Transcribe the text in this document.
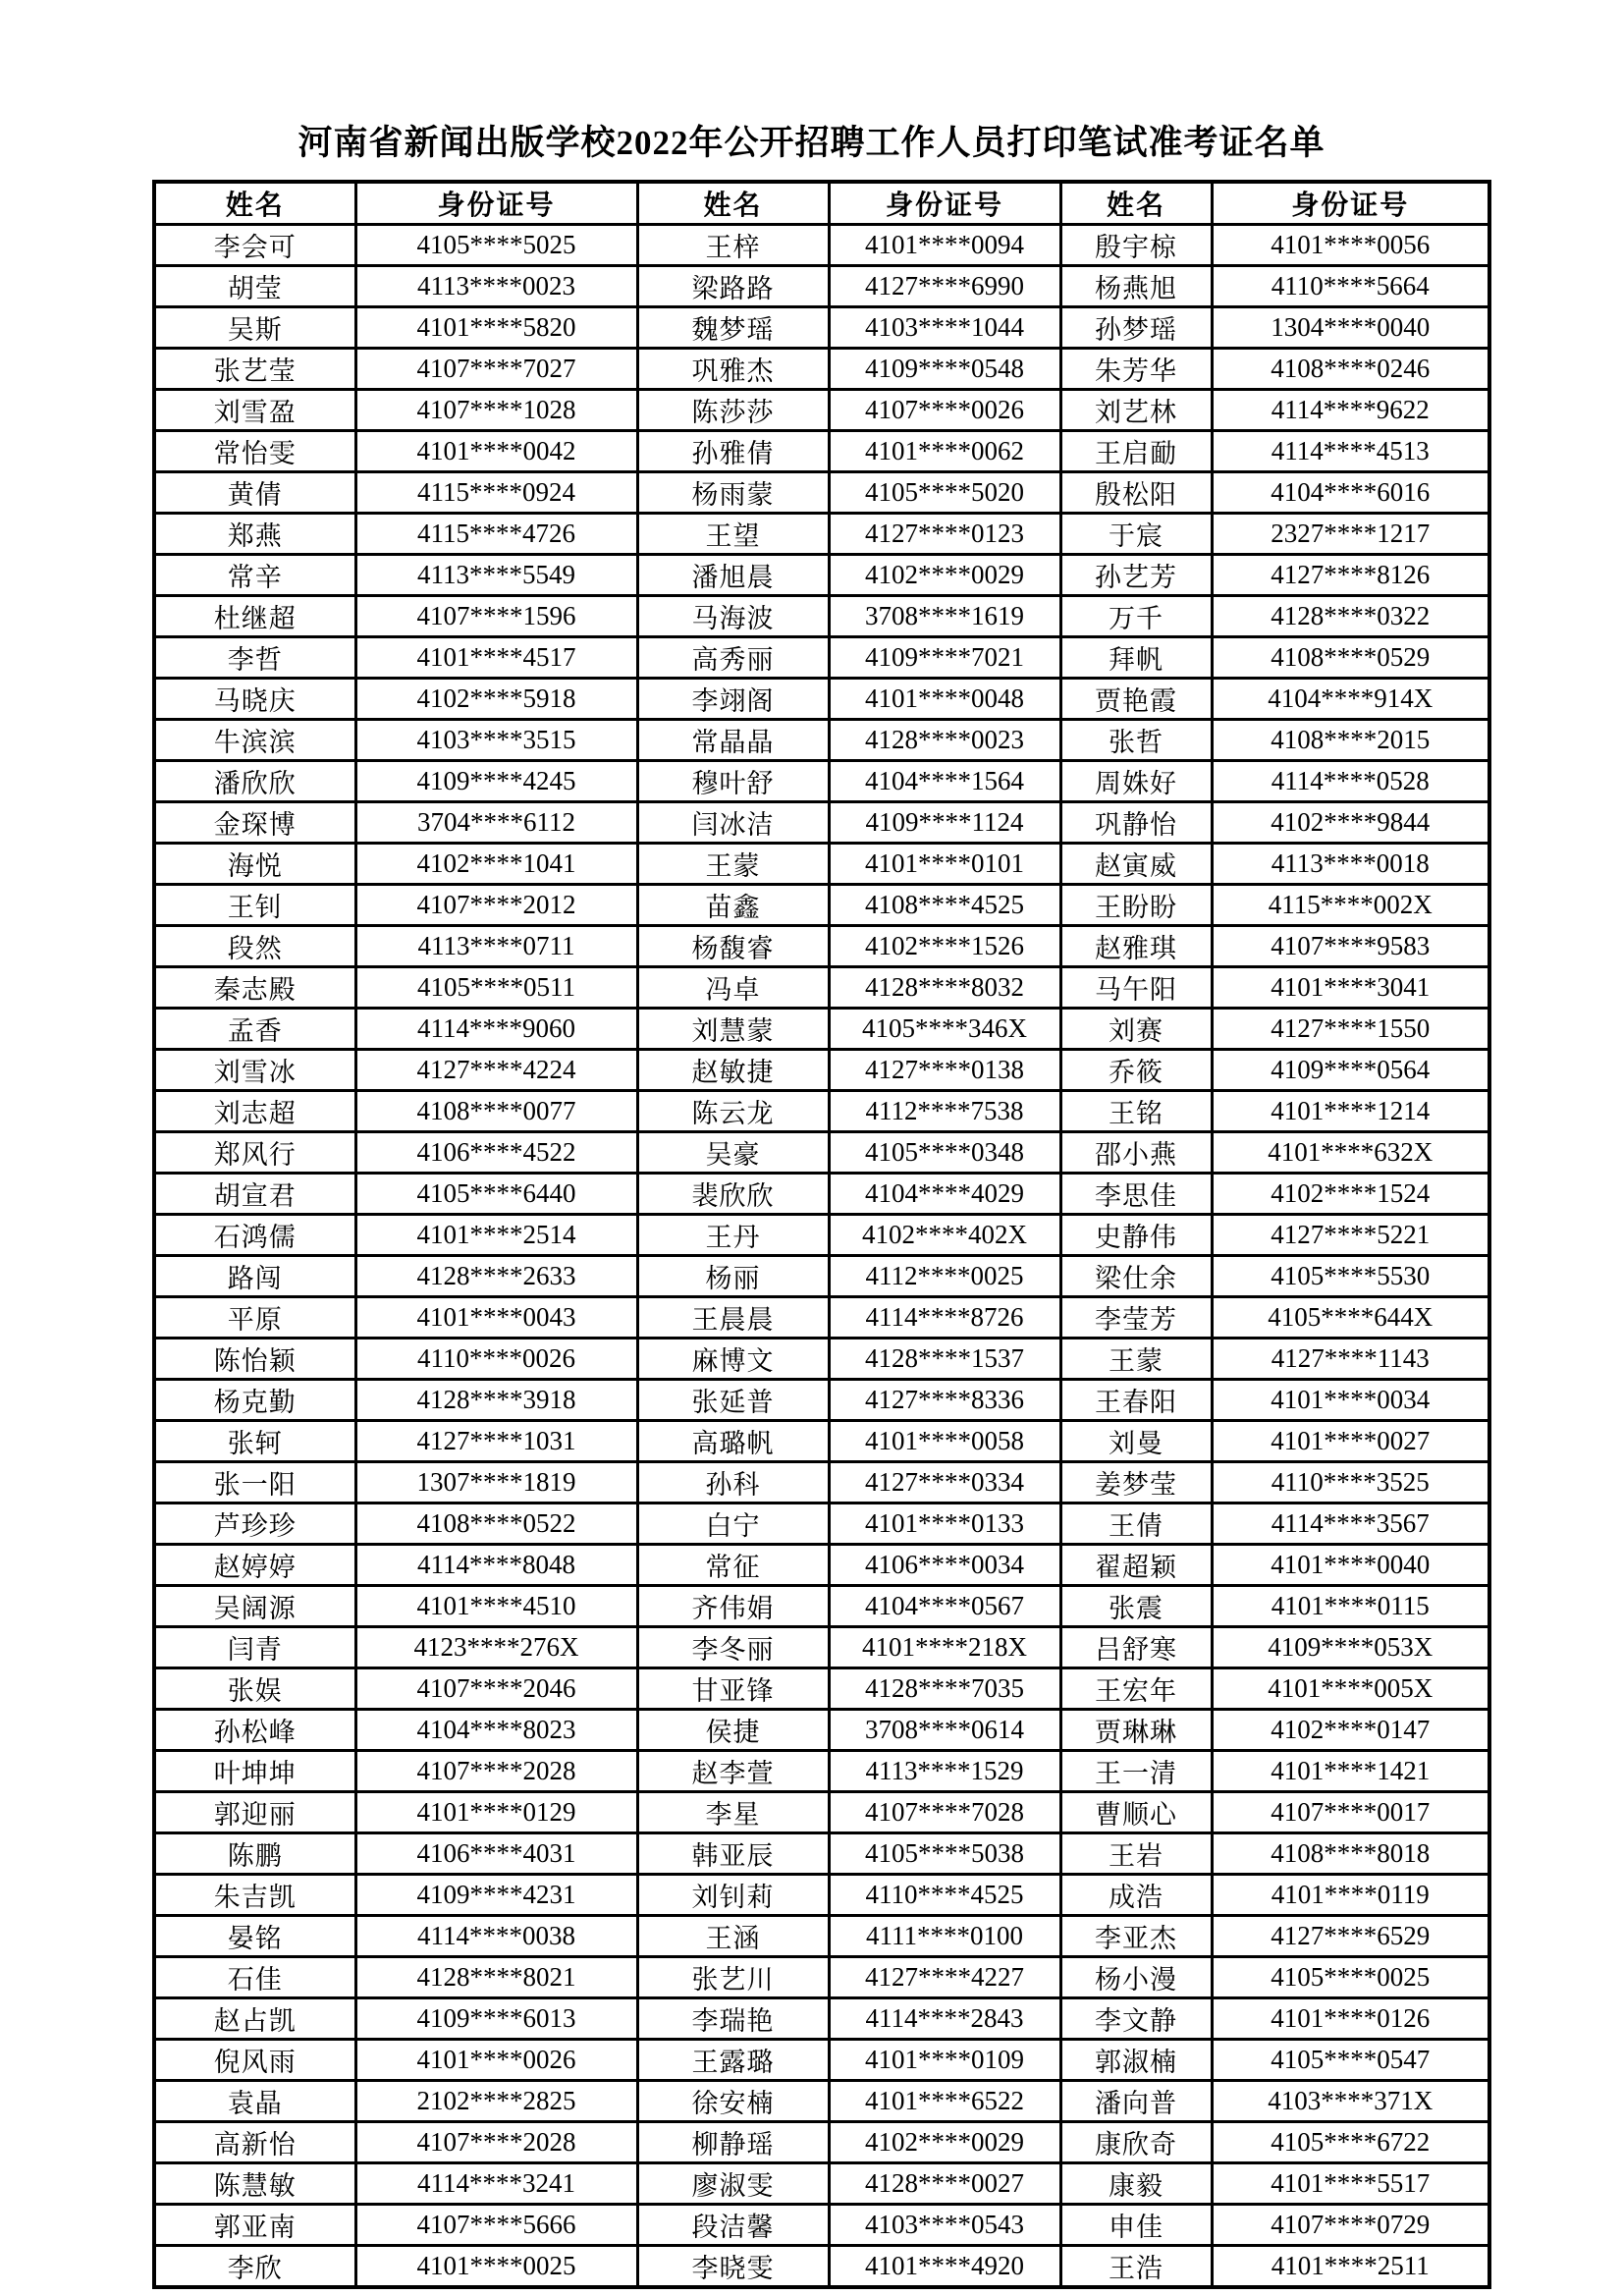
河南省新闻出版学校2022年公开招聘工作人员打印笔试准考证名单
姓名	身份证号	姓名	身份证号	姓名	身份证号
李会可	4105****5025	王梓	4101****0094	殷宇椋	4101****0056
胡莹	4113****0023	梁路路	4127****6990	杨燕旭	4110****5664
吴斯	4101****5820	魏梦瑶	4103****1044	孙梦瑶	1304****0040
张艺莹	4107****7027	巩雅杰	4109****0548	朱芳华	4108****0246
刘雪盈	4107****1028	陈莎莎	4107****0026	刘艺林	4114****9622
常怡雯	4101****0042	孙雅倩	4101****0062	王启勔	4114****4513
黄倩	4115****0924	杨雨蒙	4105****5020	殷松阳	4104****6016
郑燕	4115****4726	王望	4127****0123	于宸	2327****1217
常辛	4113****5549	潘旭晨	4102****0029	孙艺芳	4127****8126
杜继超	4107****1596	马海波	3708****1619	万千	4128****0322
李哲	4101****4517	高秀丽	4109****7021	拜帆	4108****0529
马晓庆	4102****5918	李翊阁	4101****0048	贾艳霞	4104****914X
牛滨滨	4103****3515	常晶晶	4128****0023	张哲	4108****2015
潘欣欣	4109****4245	穆叶舒	4104****1564	周姝好	4114****0528
金琛博	3704****6112	闫冰洁	4109****1124	巩静怡	4102****9844
海悦	4102****1041	王蒙	4101****0101	赵寅威	4113****0018
王钊	4107****2012	苗鑫	4108****4525	王盼盼	4115****002X
段然	4113****0711	杨馥睿	4102****1526	赵雅琪	4107****9583
秦志殿	4105****0511	冯卓	4128****8032	马午阳	4101****3041
孟香	4114****9060	刘慧蒙	4105****346X	刘赛	4127****1550
刘雪冰	4127****4224	赵敏捷	4127****0138	乔筱	4109****0564
刘志超	4108****0077	陈云龙	4112****7538	王铭	4101****1214
郑风行	4106****4522	吴豪	4105****0348	邵小燕	4101****632X
胡宣君	4105****6440	裴欣欣	4104****4029	李思佳	4102****1524
石鸿儒	4101****2514	王丹	4102****402X	史静伟	4127****5221
路闯	4128****2633	杨丽	4112****0025	梁仕余	4105****5530
平原	4101****0043	王晨晨	4114****8726	李莹芳	4105****644X
陈怡颖	4110****0026	麻博文	4128****1537	王蒙	4127****1143
杨克勤	4128****3918	张延普	4127****8336	王春阳	4101****0034
张轲	4127****1031	高璐帆	4101****0058	刘曼	4101****0027
张一阳	1307****1819	孙科	4127****0334	姜梦莹	4110****3525
芦珍珍	4108****0522	白宁	4101****0133	王倩	4114****3567
赵婷婷	4114****8048	常征	4106****0034	翟超颖	4101****0040
吴阔源	4101****4510	齐伟娟	4104****0567	张震	4101****0115
闫青	4123****276X	李冬丽	4101****218X	吕舒寒	4109****053X
张娱	4107****2046	甘亚锋	4128****7035	王宏年	4101****005X
孙松峰	4104****8023	侯捷	3708****0614	贾琳琳	4102****0147
叶坤坤	4107****2028	赵李萱	4113****1529	王一清	4101****1421
郭迎丽	4101****0129	李星	4107****7028	曹顺心	4107****0017
陈鹏	4106****4031	韩亚辰	4105****5038	王岩	4108****8018
朱吉凯	4109****4231	刘钊莉	4110****4525	成浩	4101****0119
晏铭	4114****0038	王涵	4111****0100	李亚杰	4127****6529
石佳	4128****8021	张艺川	4127****4227	杨小漫	4105****0025
赵占凯	4109****6013	李瑞艳	4114****2843	李文静	4101****0126
倪风雨	4101****0026	王露璐	4101****0109	郭淑楠	4105****0547
袁晶	2102****2825	徐安楠	4101****6522	潘向普	4103****371X
高新怡	4107****2028	柳静瑶	4102****0029	康欣奇	4105****6722
陈慧敏	4114****3241	廖淑雯	4128****0027	康毅	4101****5517
郭亚南	4107****5666	段洁馨	4103****0543	申佳	4107****0729
李欣	4101****0025	李晓雯	4101****4920	王浩	4101****2511
